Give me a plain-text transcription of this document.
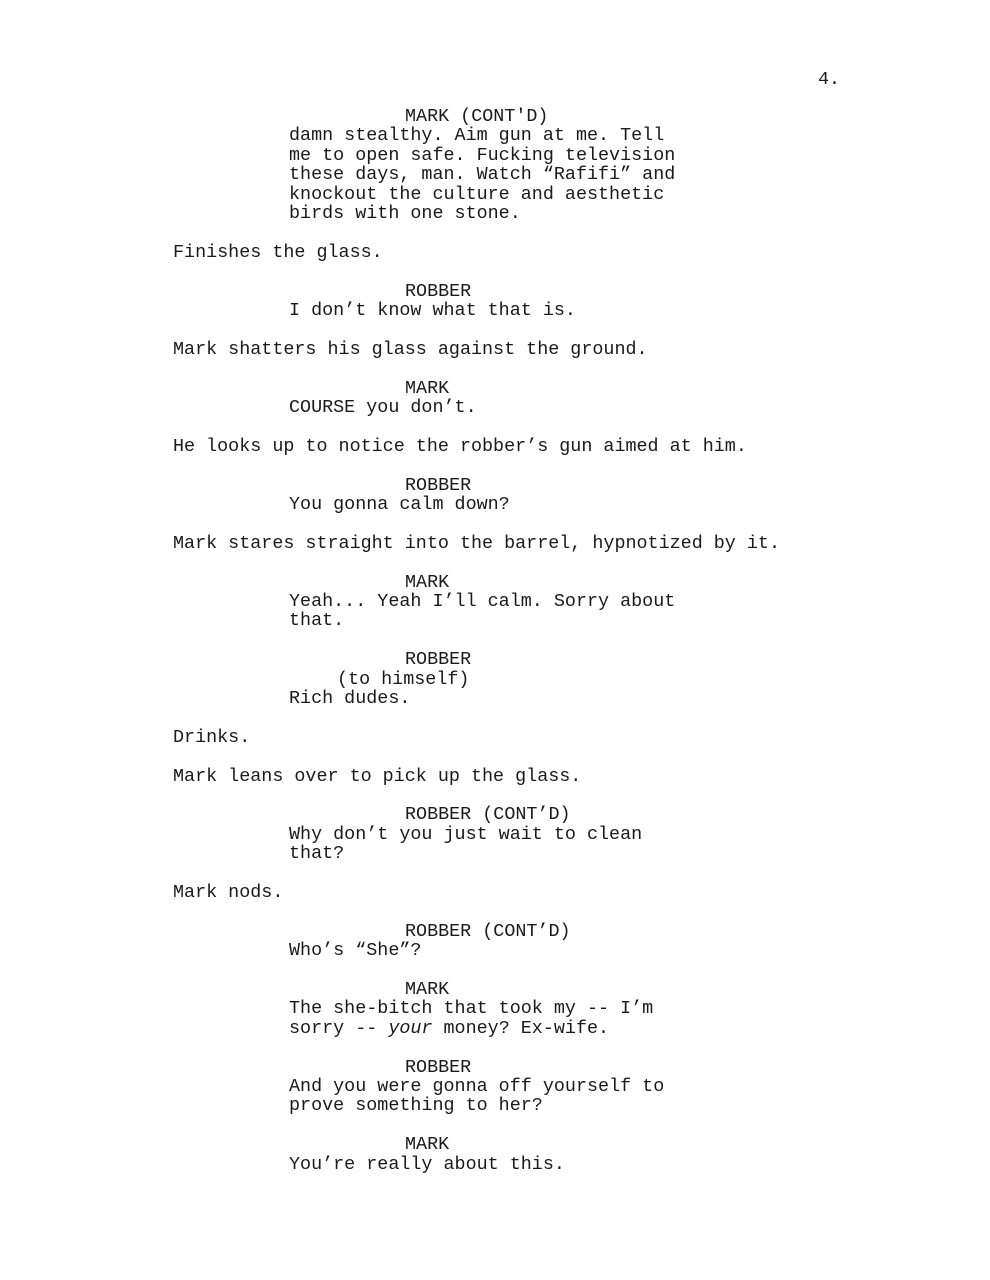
4.
MARK (CONT'D)
damn stealthy. Aim gun at me. Tell
me to open safe. Fucking television
these days, man. Watch “Rafifi” and
knockout the culture and aesthetic
birds with one stone.
Finishes the glass.
ROBBER
I don’t know what that is.
Mark shatters his glass against the ground.
MARK
COURSE you don’t.
He looks up to notice the robber’s gun aimed at him.
ROBBER
You gonna calm down?
Mark stares straight into the barrel, hypnotized by it.
MARK
Yeah... Yeah I’ll calm. Sorry about
that.
ROBBER
(to himself)
Rich dudes.
Drinks.
Mark leans over to pick up the glass.
ROBBER (CONT’D)
Why don’t you just wait to clean
that?
Mark nods.
ROBBER (CONT’D)
Who’s “She”?
MARK
The she-bitch that took my -- I’m
sorry -- your money? Ex-wife.
ROBBER
And you were gonna off yourself to
prove something to her?
MARK
You’re really about this.
